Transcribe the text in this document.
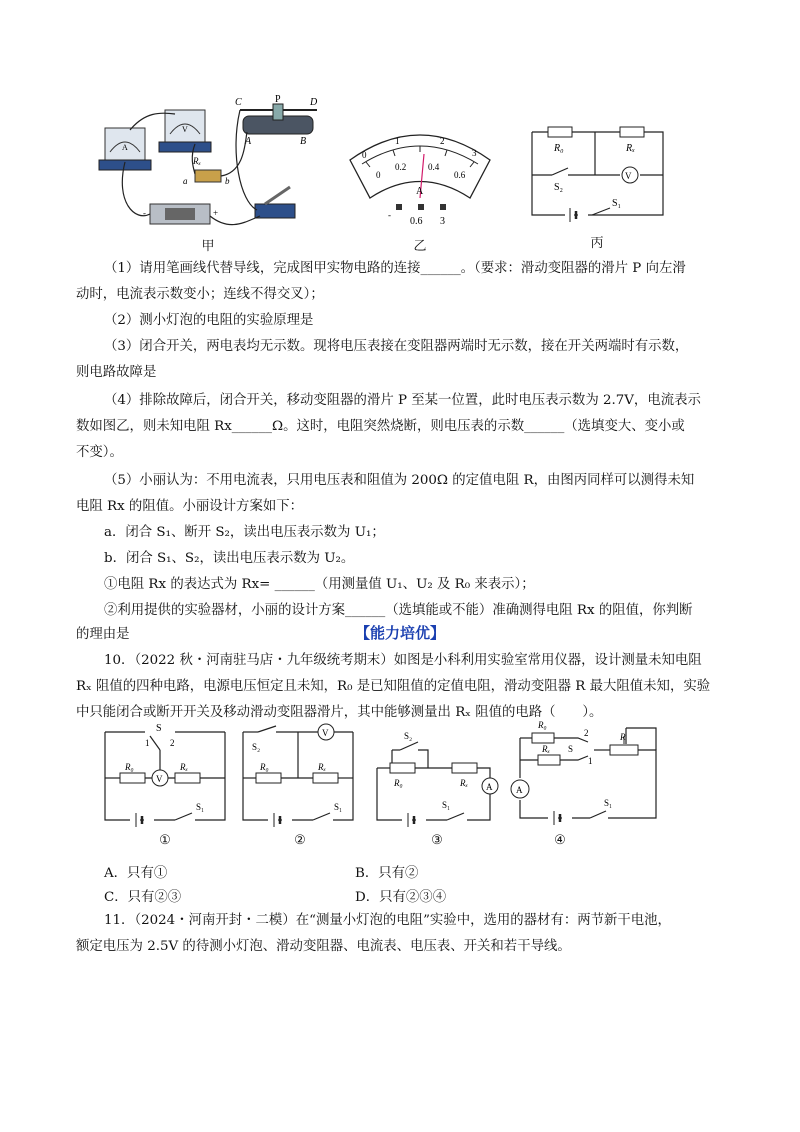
A
V
C	P	D
A	B
Rₓ
a	b
+
-
甲
0
1	2
3
0
0.2 0.4
0.6
A
-
0.6 3
乙
R₀	Rₓ
S₂
V
S₁
丙
（1）请用笔画线代替导线，完成图甲实物电路的连接______。（要求：滑动变阻器的滑片 P 向左滑
动时，电流表示数变小；连线不得交叉）；
（2）测小灯泡的电阻的实验原理是
（3）闭合开关，两电表均无示数。现将电压表接在变阻器两端时无示数，接在开关两端时有示数，
则电路故障是
（4）排除故障后，闭合开关，移动变阻器的滑片 P 至某一位置，此时电压表示数为 2.7V，电流表示
数如图乙，则未知电阻 Rx______Ω。这时，电阻突然烧断，则电压表的示数______（选填变大、变小或
不变）。
（5）小丽认为：不用电流表，只用电压表和阻值为 200Ω 的定值电阻 R，由图丙同样可以测得未知
电阻 Rx 的阻值。小丽设计方案如下：
a．闭合 S₁、断开 S₂，读出电压表示数为 U₁；
b．闭合 S₁、S₂，读出电压表示数为 U₂。
①电阻 Rx 的表达式为 Rx= ______（用测量值 U₁、U₂ 及 R₀ 来表示）；
②利用提供的实验器材，小丽的设计方案______（选填能或不能）准确测得电阻 Rx 的阻值，你判断
的理由是	【能力培优】
10．（2022 秋・河南驻马店・九年级统考期末）如图是小科利用实验室常用仪器，设计测量未知电阻
Rₓ 阻值的四种电路，电源电压恒定且未知，R₀ 是已知阻值的定值电阻，滑动变阻器 R 最大阻值未知，实验
中只能闭合或断开开关及移动滑动变阻器滑片，其中能够测量出 Rₓ 阻值的电路（　　）。
S
1 2
R₀	Rₓ
V
S₁
①
S₂
V
R₀	Rₓ
S₁
②
S₂
R₀	Rₓ A
S₁
③
R₀
2
S
1
Rₓ
R
A
S₁
④
A．只有①	B．只有②
C．只有②③	D．只有②③④
11．（2024・河南开封・二模）在“测量小灯泡的电阻”实验中，选用的器材有：两节新干电池，
额定电压为 2.5V 的待测小灯泡、滑动变阻器、电流表、电压表、开关和若干导线。
